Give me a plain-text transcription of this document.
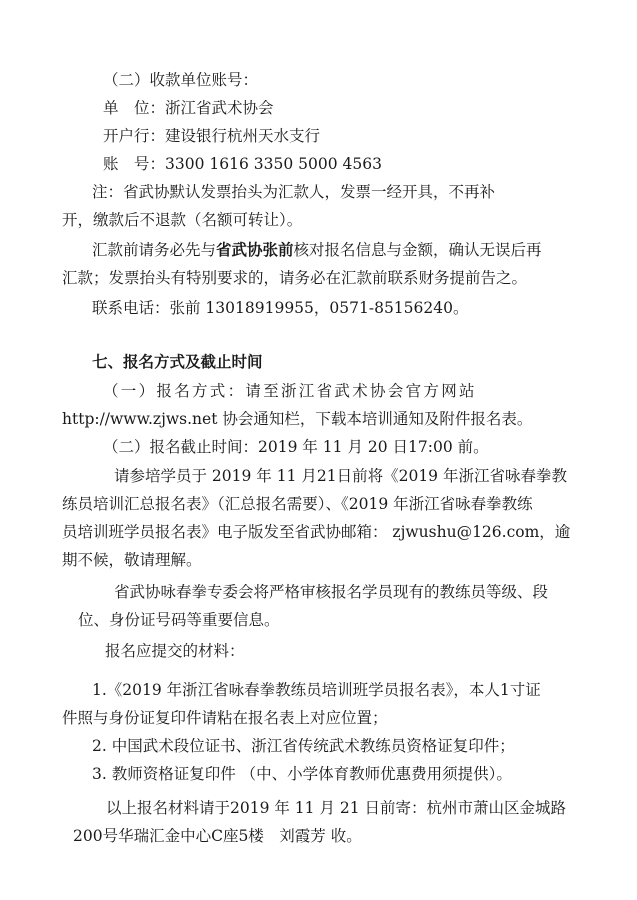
（二）收款单位账号：
单　位：浙江省武术协会
开户行：建设银行杭州天水支行
账　号：3300 1616 3350 5000 4563
注：省武协默认发票抬头为汇款人，发票一经开具，不再补
开，缴款后不退款（名额可转让）。
汇款前请务必先与省武协张前核对报名信息与金额，确认无误后再
汇款；发票抬头有特别要求的，请务必在汇款前联系财务提前告之。
联系电话：张前 13018919955，0571-85156240。
七、报名方式及截止时间
（一）报名方式：请至浙江省武术协会官方网站
http://www.zjws.net 协会通知栏，下载本培训通知及附件报名表。
（二）报名截止时间：2019 年 11 月 20 日17:00 前。
请参培学员于 2019 年 11 月21日前将《2019 年浙江省咏春拳教
练员培训汇总报名表》（汇总报名需要）、《2019 年浙江省咏春拳教练
员培训班学员报名表》电子版发至省武协邮箱： zjwushu@126.com，逾
期不候，敬请理解。
省武协咏春拳专委会将严格审核报名学员现有的教练员等级、段
位、身份证号码等重要信息。
报名应提交的材料：
1.《2019 年浙江省咏春拳教练员培训班学员报名表》，本人1寸证
件照与身份证复印件请粘在报名表上对应位置；
2. 中国武术段位证书、浙江省传统武术教练员资格证复印件；
3. 教师资格证复印件 （中、小学体育教师优惠费用须提供）。
以上报名材料请于2019 年 11 月 21 日前寄：杭州市萧山区金城路
200号华瑞汇金中心C座5楼　刘霞芳 收。
